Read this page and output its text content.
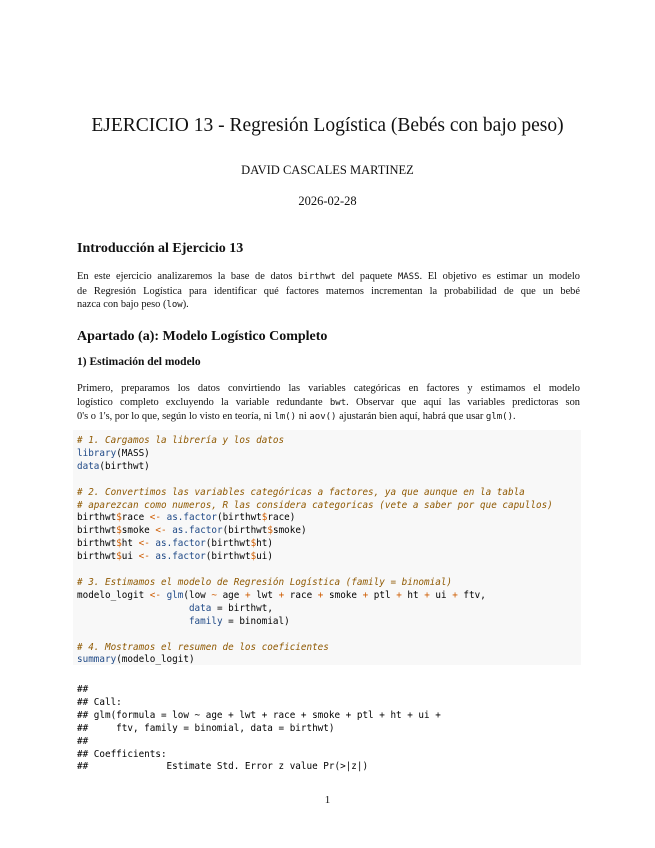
EJERCICIO 13 - Regresión Logística (Bebés con bajo peso)
DAVID CASCALES MARTINEZ
2026-02-28
Introducción al Ejercicio 13

En este ejercicio analizaremos la base de datos birthwt del paquete MASS. El objetivo es estimar un modelo
de Regresión Logística para identificar qué factores maternos incrementan la probabilidad de que un bebé
nazca con bajo peso (low).

Apartado (a): Modelo Logístico Completo
1) Estimación del modelo

Primero, preparamos los datos convirtiendo las variables categóricas en factores y estimamos el modelo
logístico completo excluyendo la variable redundante bwt. Observar que aquí las variables predictoras son
0's o 1's, por lo que, según lo visto en teoría, ni lm() ni aov() ajustarán bien aquí, habrá que usar glm().

# 1. Cargamos la librería y los datos
library(MASS)
data(birthwt)

# 2. Convertimos las variables categóricas a factores, ya que aunque en la tabla
# aparezcan como numeros, R las considera categoricas (vete a saber por que capullos)
birthwt$race <- as.factor(birthwt$race)
birthwt$smoke <- as.factor(birthwt$smoke)
birthwt$ht <- as.factor(birthwt$ht)
birthwt$ui <- as.factor(birthwt$ui)

# 3. Estimamos el modelo de Regresión Logística (family = binomial)
modelo_logit <- glm(low ~ age + lwt + race + smoke + ptl + ht + ui + ftv,
data = birthwt,
family = binomial)

# 4. Mostramos el resumen de los coeficientes
summary(modelo_logit)
##
## Call:
## glm(formula = low ~ age + lwt + race + smoke + ptl + ht + ui +
##     ftv, family = binomial, data = birthwt)
##
## Coefficients:
##              Estimate Std. Error z value Pr(>|z|)
1
